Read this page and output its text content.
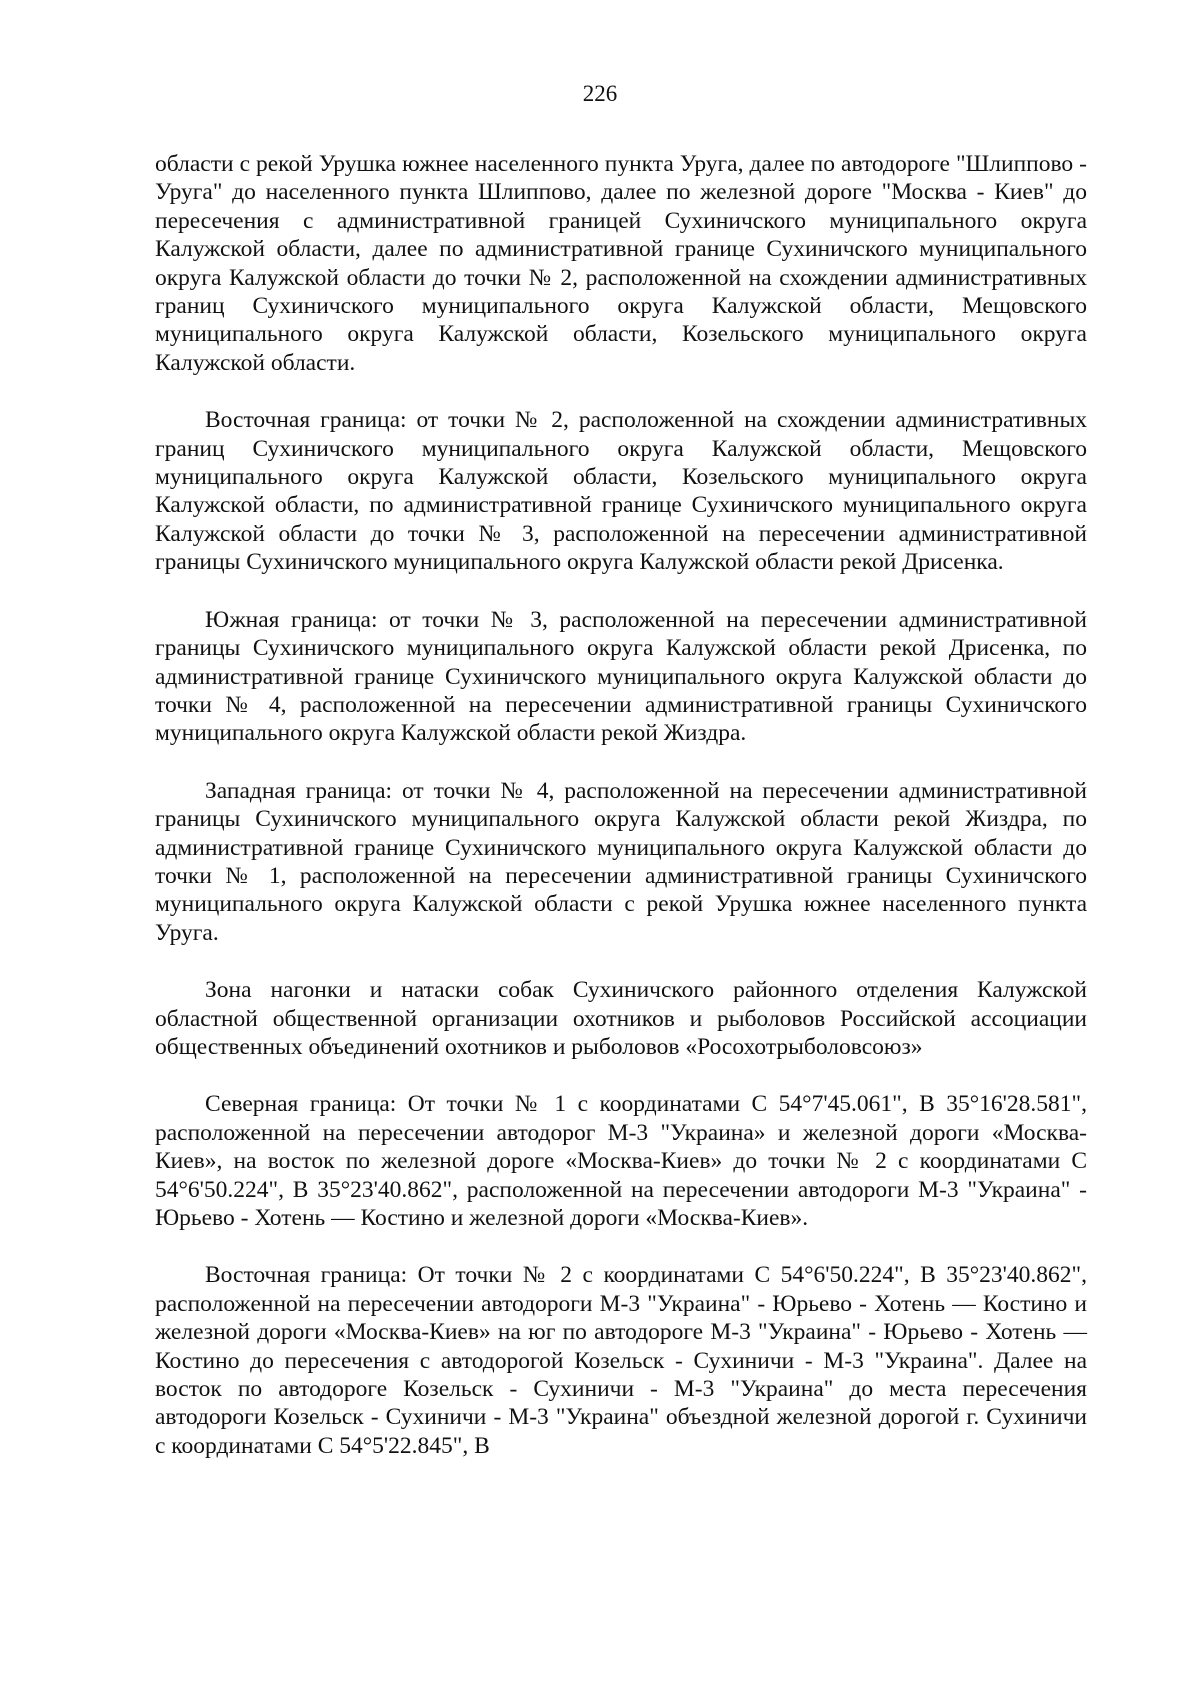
226

области с рекой Урушка южнее населенного пункта Уруга, далее по автодороге "Шлиппово - Уруга" до населенного пункта Шлиппово, далее по железной дороге "Москва - Киев" до пересечения с административной границей Сухиничского муниципального округа Калужской области, далее по административной границе Сухиничского муниципального округа Калужской области до точки № 2, расположенной на схождении административных границ Сухиничского муниципального округа Калужской области, Мещовского муниципального округа Калужской области, Козельского муниципального округа Калужской области.

Восточная граница: от точки № 2, расположенной на схождении административных границ Сухиничского муниципального округа Калужской области, Мещовского муниципального округа Калужской области, Козельского муниципального округа Калужской области, по административной границе Сухиничского муниципального округа Калужской области до точки № 3, расположенной на пересечении административной границы Сухиничского муниципального округа Калужской области рекой Дрисенка.

Южная граница: от точки № 3, расположенной на пересечении административной границы Сухиничского муниципального округа Калужской области рекой Дрисенка, по административной границе Сухиничского муниципального округа Калужской области до точки № 4, расположенной на пересечении административной границы Сухиничского муниципального округа Калужской области рекой Жиздра.

Западная граница: от точки № 4, расположенной на пересечении административной границы Сухиничского муниципального округа Калужской области рекой Жиздра, по административной границе Сухиничского муниципального округа Калужской области до точки № 1, расположенной на пересечении административной границы Сухиничского муниципального округа Калужской области с рекой Урушка южнее населенного пункта Уруга.

Зона нагонки и натаски собак Сухиничского районного отделения Калужской областной общественной организации охотников и рыболовов Российской ассоциации общественных объединений охотников и рыболовов «Росохотрыболовсоюз»

Северная граница: От точки № 1 с координатами С 54°7'45.061", В 35°16'28.581", расположенной на пересечении автодорог М-3 "Украина» и железной дороги «Москва-Киев», на восток по железной дороге «Москва-Киев» до точки № 2 с координатами С 54°6'50.224", В 35°23'40.862", расположенной на пересечении автодороги М-3 "Украина" - Юрьево - Хотень — Костино и железной дороги «Москва-Киев».

Восточная граница: От точки № 2 с координатами С 54°6'50.224", В 35°23'40.862", расположенной на пересечении автодороги М-3 "Украина" - Юрьево - Хотень — Костино и железной дороги «Москва-Киев» на юг по автодороге М-3 "Украина" - Юрьево - Хотень — Костино до пересечения с автодорогой Козельск - Сухиничи - М-3 "Украина". Далее на восток по автодороге Козельск - Сухиничи - М-3 "Украина" до места пересечения автодороги Козельск - Сухиничи - М-3 "Украина" объездной железной дорогой г. Сухиничи с координатами С 54°5'22.845", В
